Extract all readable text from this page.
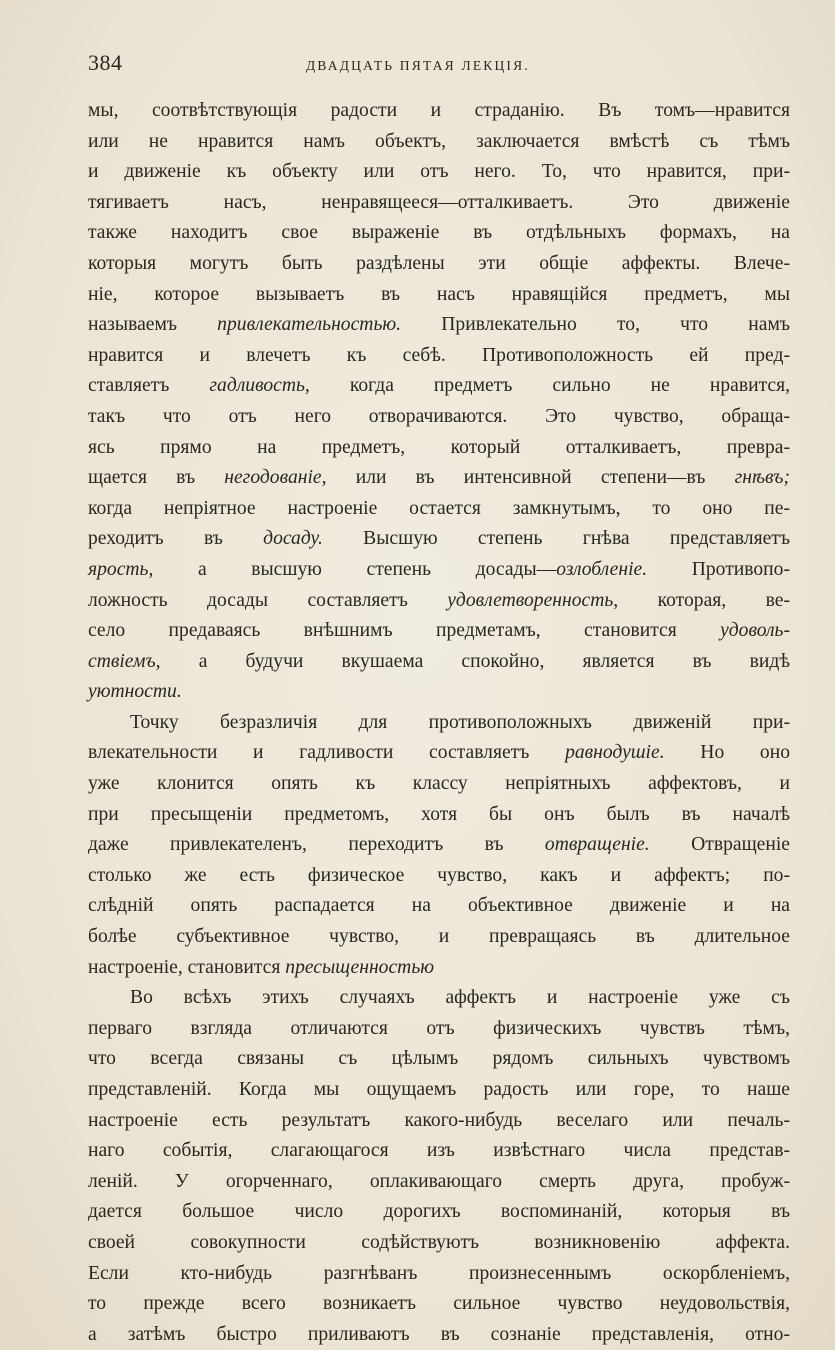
384	ДВАДЦАТЬ ПЯТАЯ ЛЕКЦІЯ.
мы, соотвѣтствующія радости и страданію. Въ томъ—нравится
или не нравится намъ объектъ, заключается вмѣстѣ съ тѣмъ
и движеніе къ объекту или отъ него. То, что нравится, при-
тягиваетъ насъ, ненравящееся—отталкиваетъ. Это движеніе
также находитъ свое выраженіе въ отдѣльныхъ формахъ, на
которыя могутъ быть раздѣлены эти общіе аффекты. Влече-
ніе, которое вызываетъ въ насъ нравящійся предметъ, мы
называемъ привлекательностью. Привлекательно то, что намъ
нравится и влечетъ къ себѣ. Противоположность ей пред-
ставляетъ гадливость, когда предметъ сильно не нравится,
такъ что отъ него отворачиваются. Это чувство, обраща-
ясь прямо на предметъ, который отталкиваетъ, превра-
щается въ негодованіе, или въ интенсивной степени—въ гнѣвъ;
когда непріятное настроеніе остается замкнутымъ, то оно пе-
реходитъ въ досаду. Высшую степень гнѣва представляетъ
ярость, а высшую степень досады—озлобленіе. Противопо-
ложность досады составляетъ удовлетворенность, которая, ве-
село предаваясь внѣшнимъ предметамъ, становится удоволь-
ствіемъ, а будучи вкушаема спокойно, является въ видѣ
уютности.
Точку безразличія для противоположныхъ движеній при-
влекательности и гадливости составляетъ равнодушіе. Но оно
уже клонится опять къ классу непріятныхъ аффектовъ, и
при пресыщеніи предметомъ, хотя бы онъ былъ въ началѣ
даже привлекателенъ, переходитъ въ отвращеніе. Отвращеніе
столько же есть физическое чувство, какъ и аффектъ; по-
слѣдній опять распадается на объективное движеніе и на
болѣе субъективное чувство, и превращаясь въ длительное
настроеніе, становится пресыщенностью
Во всѣхъ этихъ случаяхъ аффектъ и настроеніе уже съ
перваго взгляда отличаются отъ физическихъ чувствъ тѣмъ,
что всегда связаны съ цѣлымъ рядомъ сильныхъ чувствомъ
представленій. Когда мы ощущаемъ радость или горе, то наше
настроеніе есть результатъ какого-нибудь веселаго или печаль-
наго событія, слагающагося изъ извѣстнаго числа представ-
леній. У огорченнаго, оплакивающаго смерть друга, пробуж-
дается большое число дорогихъ воспоминаній, которыя въ
своей совокупности содѣйствуютъ возникновенію аффекта.
Если кто-нибудь разгнѣванъ произнесеннымъ оскорбленіемъ,
то прежде всего возникаетъ сильное чувство неудовольствія,
а затѣмъ быстро приливаютъ въ сознаніе представленія, отно-
